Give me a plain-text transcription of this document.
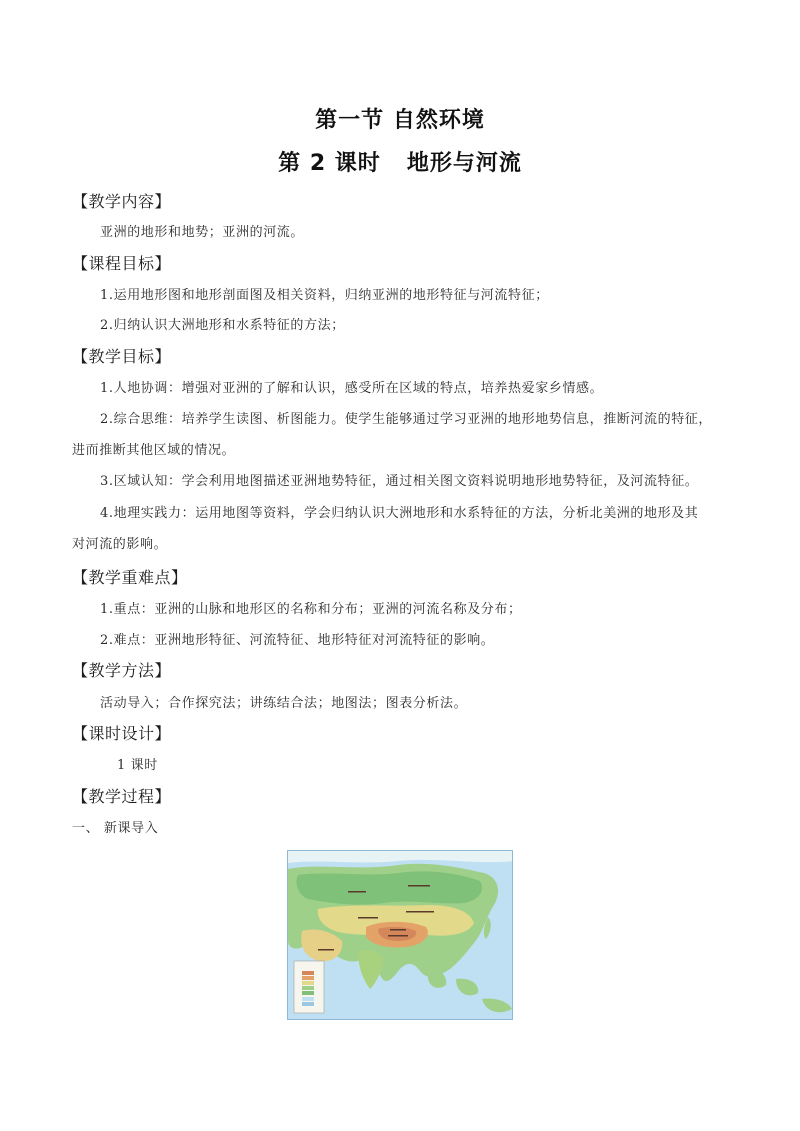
第一节 自然环境
第 2 课时 地形与河流
【教学内容】
亚洲的地形和地势；亚洲的河流。
【课程目标】
1.运用地形图和地形剖面图及相关资料，归纳亚洲的地形特征与河流特征；
2.归纳认识大洲地形和水系特征的方法；
【教学目标】
1.人地协调：增强对亚洲的了解和认识，感受所在区域的特点，培养热爱家乡情感。
2.综合思维：培养学生读图、析图能力。使学生能够通过学习亚洲的地形地势信息，推断河流的特征，
进而推断其他区域的情况。
3.区域认知：学会利用地图描述亚洲地势特征，通过相关图文资料说明地形地势特征，及河流特征。
4.地理实践力：运用地图等资料，学会归纳认识大洲地形和水系特征的方法，分析北美洲的地形及其
对河流的影响。
【教学重难点】
1.重点：亚洲的山脉和地形区的名称和分布；亚洲的河流名称及分布；
2.难点：亚洲地形特征、河流特征、地形特征对河流特征的影响。
【教学方法】
活动导入；合作探究法；讲练结合法；地图法；图表分析法。
【课时设计】
1 课时
【教学过程】
一、 新课导入
